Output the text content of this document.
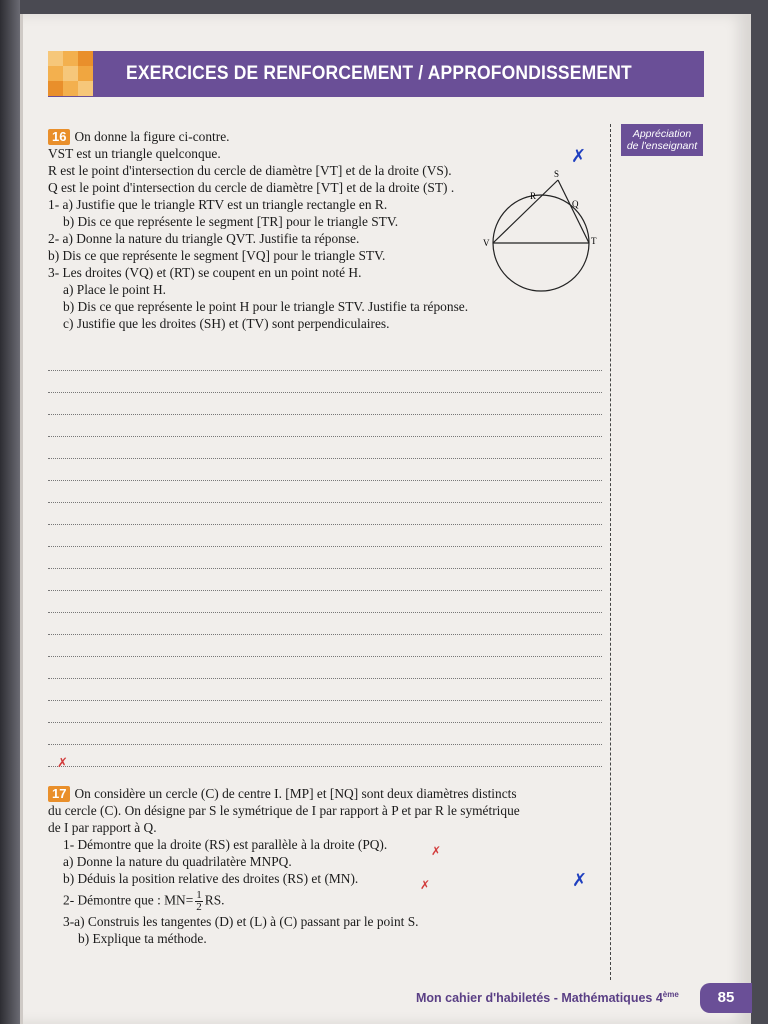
EXERCICES DE RENFORCEMENT / APPROFONDISSEMENT
Appréciation
de l'enseignant
16 On donne la figure ci-contre.
VST est un triangle quelconque.
R est le point d'intersection du cercle de diamètre [VT] et de la droite (VS).
Q est le point d'intersection du cercle de diamètre [VT] et de la droite (ST) .
1- a) Justifie que le triangle RTV est un triangle rectangle en R.
b) Dis ce que représente le segment [TR] pour le triangle STV.
2- a) Donne la nature du triangle QVT. Justifie ta réponse.
b) Dis ce que représente le segment [VQ] pour le triangle STV.
3- Les droites (VQ) et (RT) se coupent en un point noté H.
a) Place le point H.
b) Dis ce que représente le point H pour le triangle STV. Justifie ta réponse.
c) Justifie que les droites (SH) et (TV) sont perpendiculaires.
S
R
Q
V	T
17 On considère un cercle (C) de centre I. [MP] et [NQ] sont deux diamètres distincts
du cercle (C). On désigne par S le symétrique de I par rapport à P et par R le symétrique
de I par rapport à Q.
1- Démontre que la droite (RS) est parallèle à la droite (PQ).
a) Donne la nature du quadrilatère MNPQ.
b) Déduis la position relative des droites (RS) et (MN).
2- Démontre que : $MN= \frac{1}{2}$ RS.
3-a) Construis les tangentes (D) et (L) à (C) passant par le point S.
b) Explique ta méthode.
✗
✗
✗
✗	✗
Mon cahier d'habiletés - Mathématiques 4ème	85
